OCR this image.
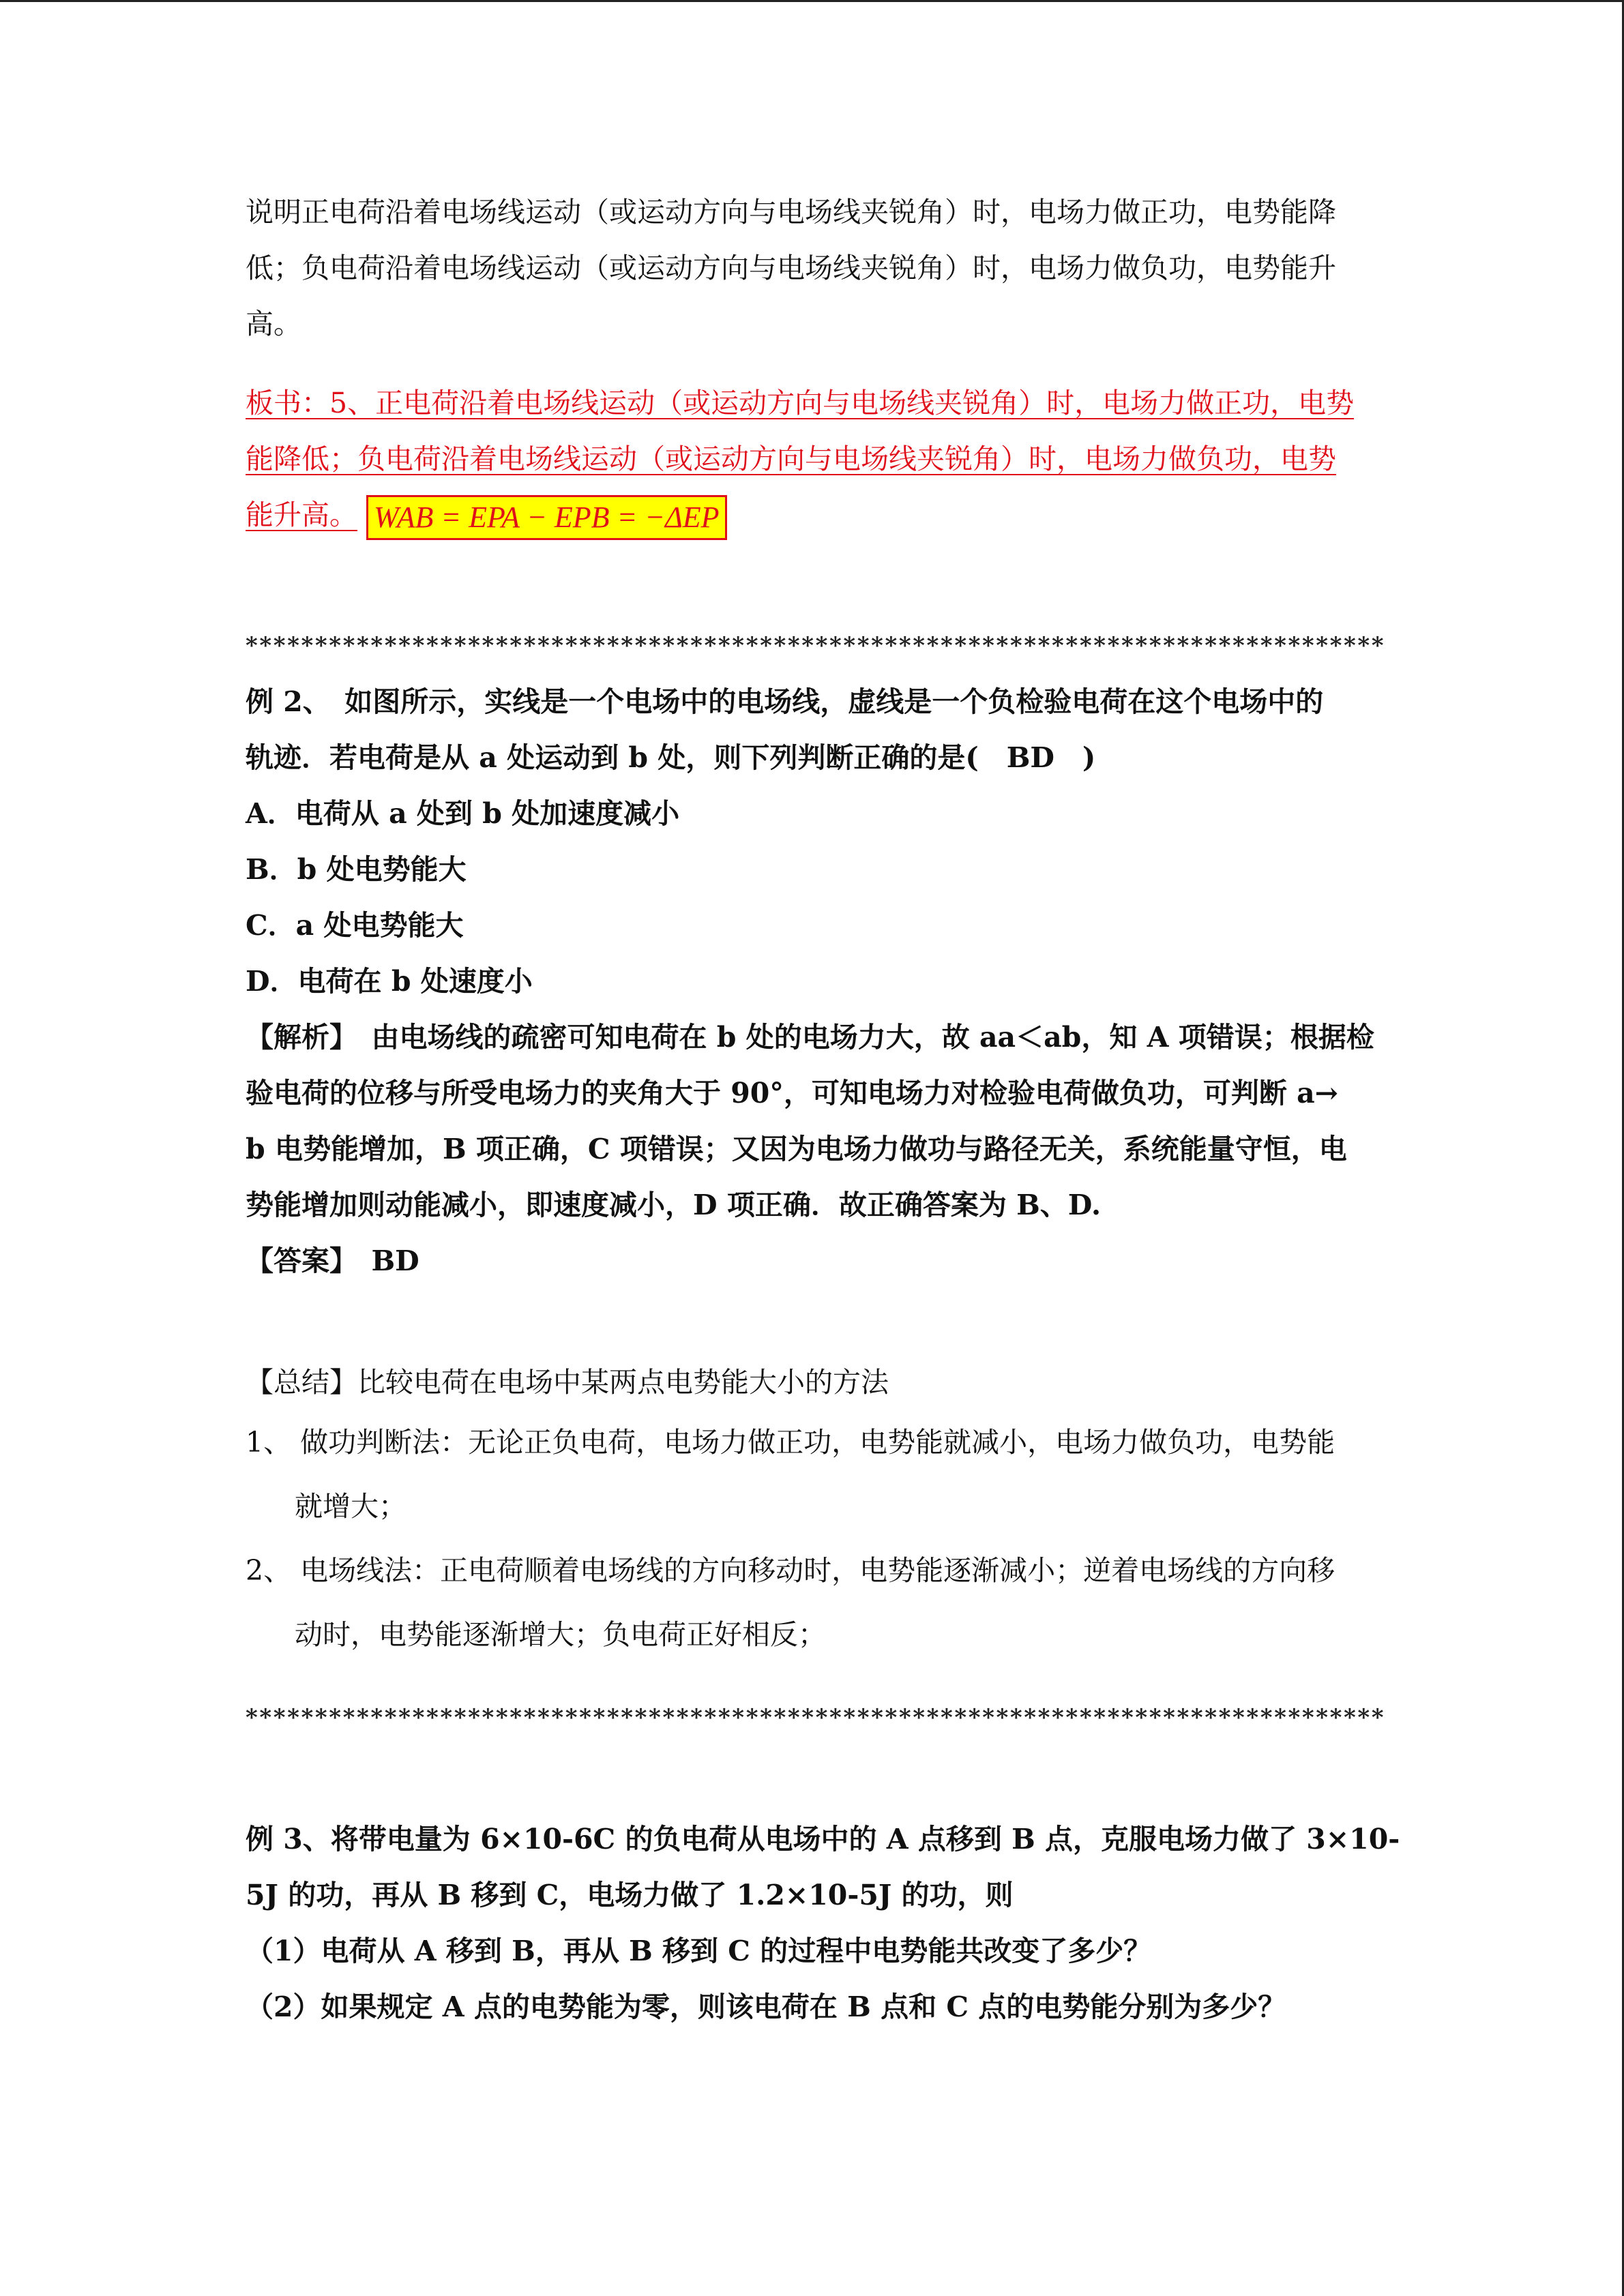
说明正电荷沿着电场线运动（或运动方向与电场线夹锐角）时，电场力做正功，电势能降
低；负电荷沿着电场线运动（或运动方向与电场线夹锐角）时，电场力做负功，电势能升
高。
板书：5、正电荷沿着电场线运动（或运动方向与电场线夹锐角）时，电场力做正功，电势
能降低；负电荷沿着电场线运动（或运动方向与电场线夹锐角）时，电场力做负功，电势
能升高。 WAB = EPA − EPB = −ΔEP
**********************************************************************************
例 2、　如图所示，实线是一个电场中的电场线，虚线是一个负检验电荷在这个电场中的
轨迹．若电荷是从 a 处运动到 b 处，则下列判断正确的是(　BD　)
A．电荷从 a 处到 b 处加速度减小
B．b 处电势能大
C．a 处电势能大
D．电荷在 b 处速度小
【解析】　由电场线的疏密可知电荷在 b 处的电场力大，故 aa＜ab，知 A 项错误；根据检
验电荷的位移与所受电场力的夹角大于 90°，可知电场力对检验电荷做负功，可判断 a→
b 电势能增加，B 项正确，C 项错误；又因为电场力做功与路径无关，系统能量守恒，电
势能增加则动能减小，即速度减小，D 项正确．故正确答案为 B、D.
【答案】　BD
【总结】比较电荷在电场中某两点电势能大小的方法
1、 做功判断法：无论正负电荷，电场力做正功，电势能就减小，电场力做负功，电势能
就增大；
2、 电场线法：正电荷顺着电场线的方向移动时，电势能逐渐减小；逆着电场线的方向移
动时，电势能逐渐增大；负电荷正好相反；
**********************************************************************************
例 3、将带电量为 6×10-6C 的负电荷从电场中的 A 点移到 B 点，克服电场力做了 3×10-
5J 的功，再从 B 移到 C，电场力做了 1.2×10-5J 的功，则
（1）电荷从 A 移到 B，再从 B 移到 C 的过程中电势能共改变了多少？
（2）如果规定 A 点的电势能为零，则该电荷在 B 点和 C 点的电势能分别为多少？
